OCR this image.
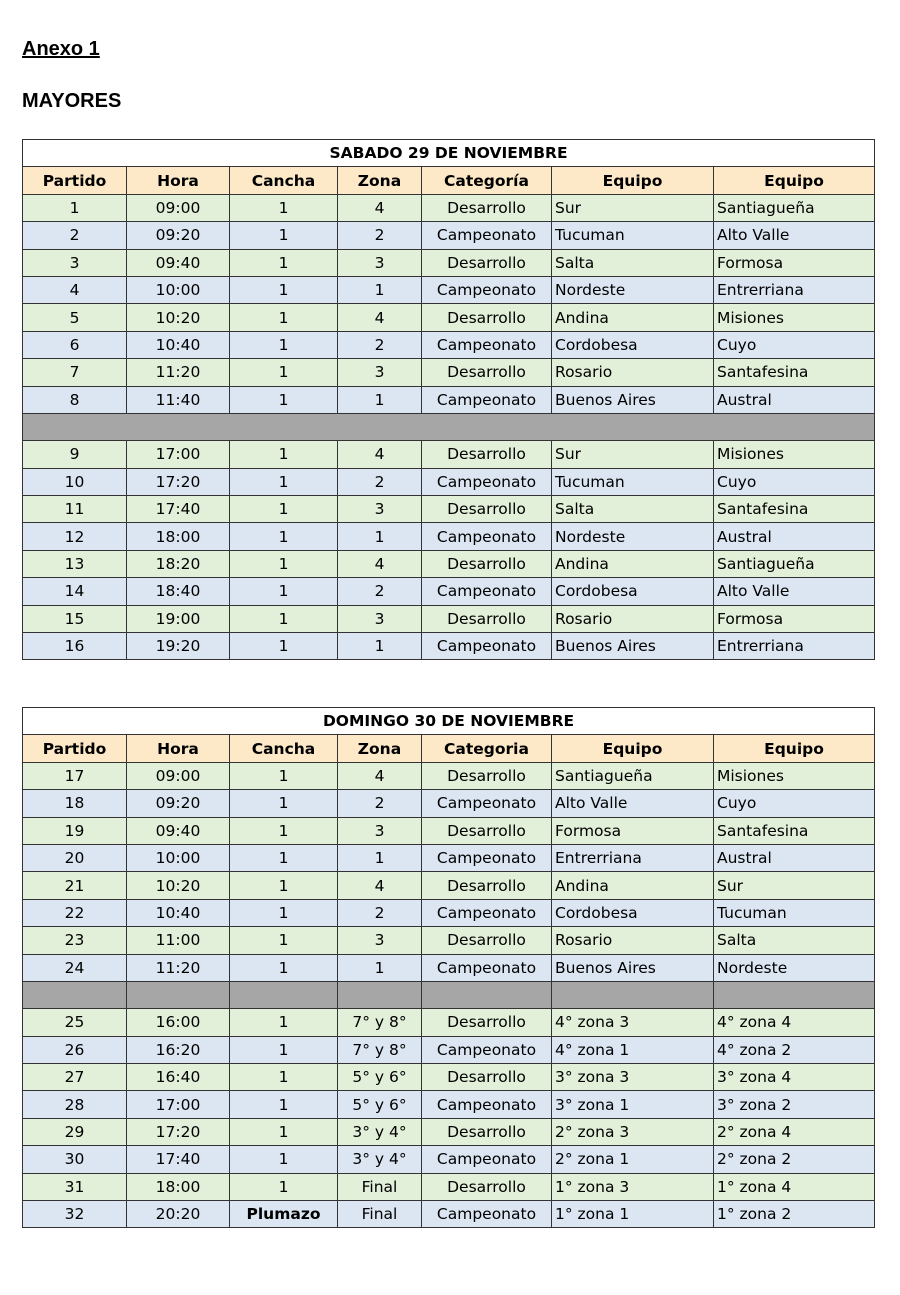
Anexo 1
MAYORES
SABADO 29 DE NOVIEMBRE						
Partido	Hora	Cancha	Zona	Categoría	Equipo	Equipo
1	09:00	1	4	Desarrollo	Sur	Santiagueña
2	09:20	1	2	Campeonato	Tucuman	Alto Valle
3	09:40	1	3	Desarrollo	Salta	Formosa
4	10:00	1	1	Campeonato	Nordeste	Entrerriana
5	10:20	1	4	Desarrollo	Andina	Misiones
6	10:40	1	2	Campeonato	Cordobesa	Cuyo
7	11:20	1	3	Desarrollo	Rosario	Santafesina
8	11:40	1	1	Campeonato	Buenos Aires	Austral

9	17:00	1	4	Desarrollo	Sur	Misiones
10	17:20	1	2	Campeonato	Tucuman	Cuyo
11	17:40	1	3	Desarrollo	Salta	Santafesina
12	18:00	1	1	Campeonato	Nordeste	Austral
13	18:20	1	4	Desarrollo	Andina	Santiagueña
14	18:40	1	2	Campeonato	Cordobesa	Alto Valle
15	19:00	1	3	Desarrollo	Rosario	Formosa
16	19:20	1	1	Campeonato	Buenos Aires	Entrerriana
DOMINGO 30 DE NOVIEMBRE						
Partido	Hora	Cancha	Zona	Categoria	Equipo	Equipo
17	09:00	1	4	Desarrollo	Santiagueña	Misiones
18	09:20	1	2	Campeonato	Alto Valle	Cuyo
19	09:40	1	3	Desarrollo	Formosa	Santafesina
20	10:00	1	1	Campeonato	Entrerriana	Austral
21	10:20	1	4	Desarrollo	Andina	Sur
22	10:40	1	2	Campeonato	Cordobesa	Tucuman
23	11:00	1	3	Desarrollo	Rosario	Salta
24	11:20	1	1	Campeonato	Buenos Aires	Nordeste

25	16:00	1	7° y 8°	Desarrollo	4° zona 3	4° zona 4
26	16:20	1	7° y 8°	Campeonato	4° zona 1	4° zona 2
27	16:40	1	5° y 6°	Desarrollo	3° zona 3	3° zona 4
28	17:00	1	5° y 6°	Campeonato	3° zona 1	3° zona 2
29	17:20	1	3° y 4°	Desarrollo	2° zona 3	2° zona 4
30	17:40	1	3° y 4°	Campeonato	2° zona 1	2° zona 2
31	18:00	1	Final	Desarrollo	1° zona 3	1° zona 4
32	20:20	Plumazo	Final	Campeonato	1° zona 1	1° zona 2
